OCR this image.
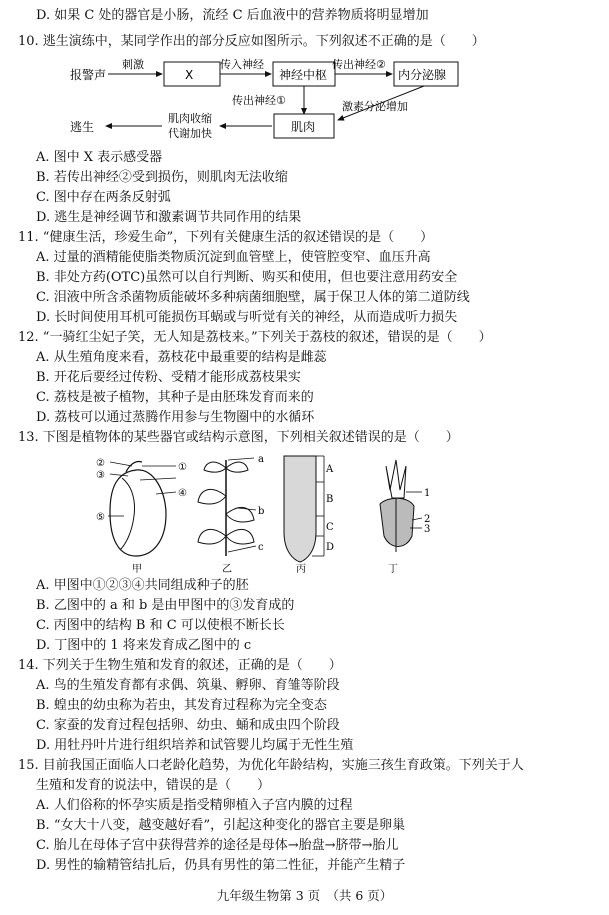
D. 如果 C 处的器官是小肠，流经 C 后血液中的营养物质将明显增加
10. 逃生演练中，某同学作出的部分反应如图所示。下列叙述不正确的是（　　）
报警声
刺激
X
传入神经
神经中枢
传出神经②
内分泌腺
传出神经①
肌肉
激素分泌增加
肌肉收缩
代谢加快
逃生
A. 图中 X 表示感受器
B. 若传出神经②受到损伤，则肌肉无法收缩
C. 图中存在两条反射弧
D. 逃生是神经调节和激素调节共同作用的结果
11. “健康生活，珍爱生命”，下列有关健康生活的叙述错误的是（　　）
A. 过量的酒精能使脂类物质沉淀到血管壁上，使管腔变窄、血压升高
B. 非处方药(OTC)虽然可以自行判断、购买和使用，但也要注意用药安全
C. 泪液中所含杀菌物质能破坏多种病菌细胞壁，属于保卫人体的第二道防线
D. 长时间使用耳机可能损伤耳蜗或与听觉有关的神经，从而造成听力损失
12. “一骑红尘妃子笑，无人知是荔枝来。”下列关于荔枝的叙述，错误的是（　　）
A. 从生殖角度来看，荔枝花中最重要的结构是雌蕊
B. 开花后要经过传粉、受精才能形成荔枝果实
C. 荔枝是被子植物，其种子是由胚珠发育而来的
D. 荔枝可以通过蒸腾作用参与生物圈中的水循环
13. 下图是植物体的某些器官或结构示意图，下列相关叙述错误的是（　　）
②
③
①
④
⑤
甲
a
b
c
乙
A
B
C
D
丙
1
2
3
丁
A. 甲图中①②③④共同组成种子的胚
B. 乙图中的 a 和 b 是由甲图中的③发育成的
C. 丙图中的结构 B 和 C 可以使根不断长长
D. 丁图中的 1 将来发育成乙图中的 c
14. 下列关于生物生殖和发育的叙述，正确的是（　　）
A. 鸟的生殖发育都有求偶、筑巢、孵卵、育雏等阶段
B. 蝗虫的幼虫称为若虫，其发育过程称为完全变态
C. 家蚕的发育过程包括卵、幼虫、蛹和成虫四个阶段
D. 用牡丹叶片进行组织培养和试管婴儿均属于无性生殖
15. 目前我国正面临人口老龄化趋势，为优化年龄结构，实施三孩生育政策。下列关于人
生殖和发育的说法中，错误的是（　　）
A. 人们俗称的怀孕实质是指受精卵植入子宫内膜的过程
B. “女大十八变，越变越好看”，引起这种变化的器官主要是卵巢
C. 胎儿在母体子宫中获得营养的途径是母体→胎盘→脐带→胎儿
D. 男性的输精管结扎后，仍具有男性的第二性征，并能产生精子
九年级生物第 3 页　（共 6 页）
